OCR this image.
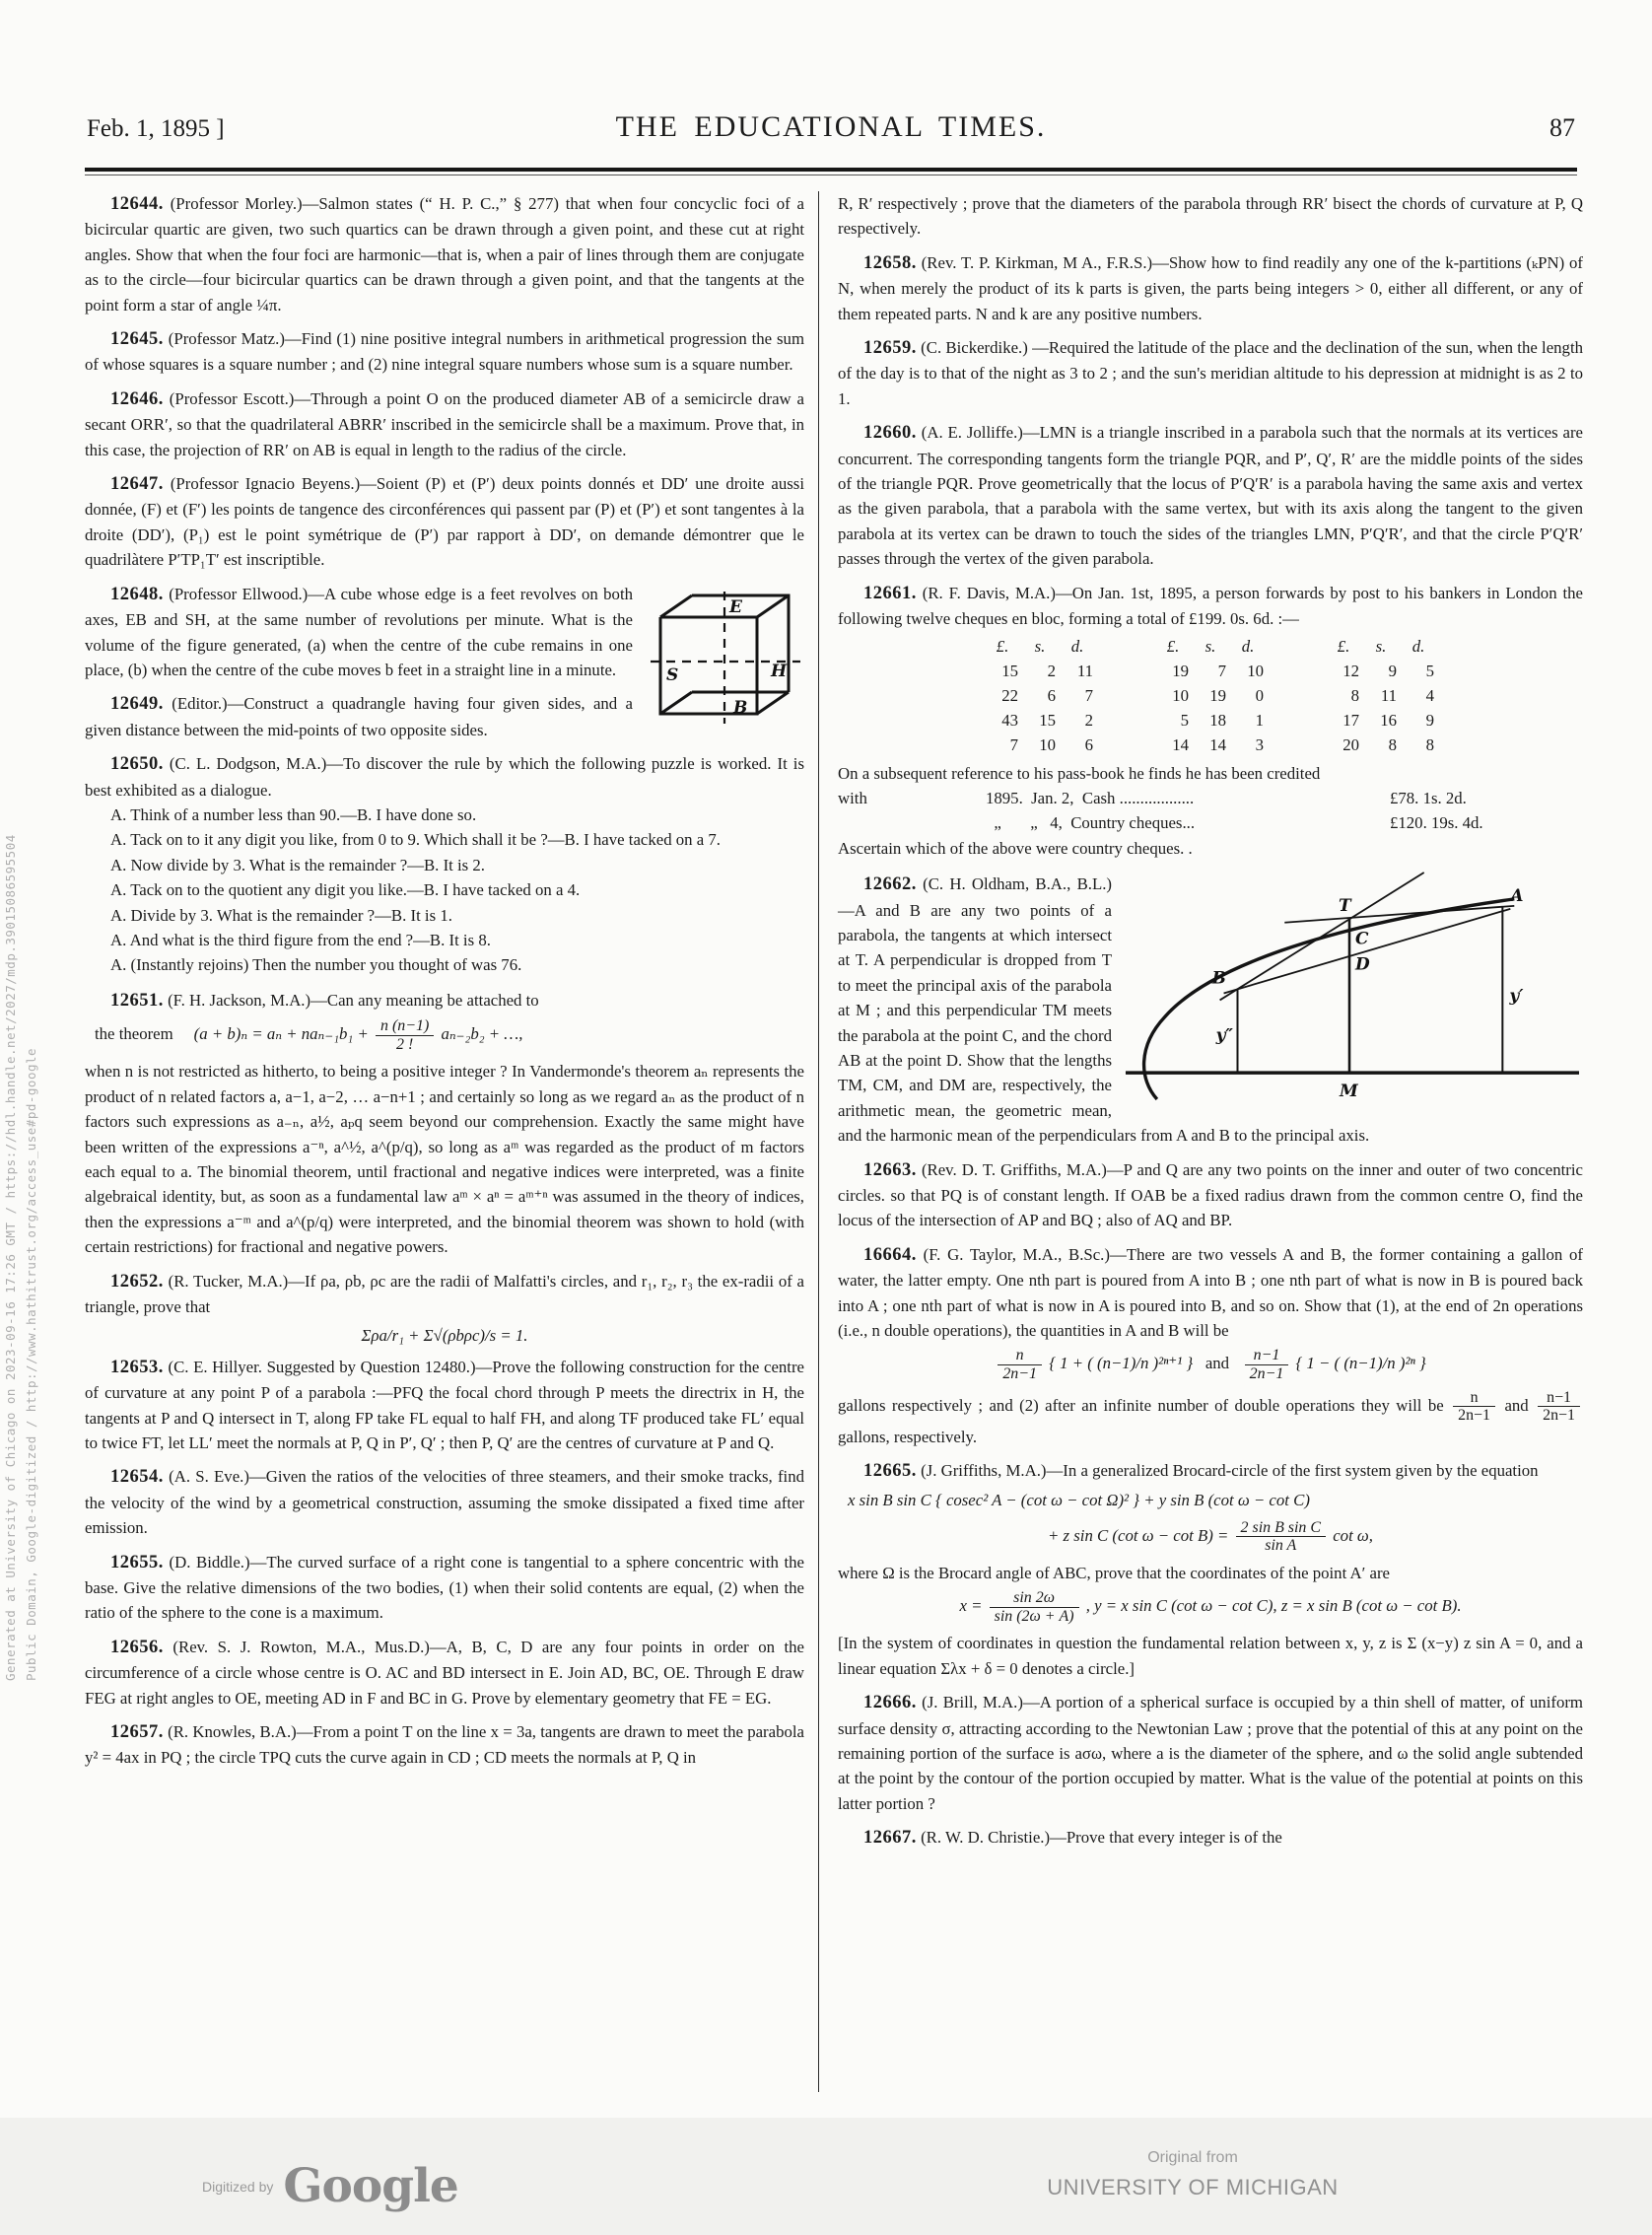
Generated at University of Chicago on 2023-09-16 17:26 GMT / https://hdl.handle.net/2027/mdp.39015086595504 Public Domain, Google-digitized / http://www.hathitrust.org/access_use#pd-google
Feb. 1, 1895 ]	THE EDUCATIONAL TIMES.	87

12644. (Professor Morley.)—Salmon states (“ H. P. C.,” § 277) that when four concyclic foci of a bicircular quartic are given, two such quartics can be drawn through a given point, and these cut at right angles. Show that when the four foci are harmonic—that is, when a pair of lines through them are conjugate as to the circle—four bicircular quartics can be drawn through a given point, and that the tangents at the point form a star of angle ¼π.

12645. (Professor Matz.)—Find (1) nine positive integral numbers in arithmetical progression the sum of whose squares is a square number ; and (2) nine integral square numbers whose sum is a square number.

12646. (Professor Escott.)—Through a point O on the produced diameter AB of a semicircle draw a secant ORR′, so that the quadrilateral ABRR′ inscribed in the semicircle shall be a maximum. Prove that, in this case, the projection of RR′ on AB is equal in length to the radius of the circle.

12647. (Professor Ignacio Beyens.)—Soient (P) et (P′) deux points donnés et DD′ une droite aussi donnée, (F) et (F′) les points de tangence des circonférences qui passent par (P) et (P′) et sont tangentes à la droite (DD′), (P₁) est le point symétrique de (P′) par rapport à DD′, on demande démontrer que le quadrilàtere P′TP₁T′ est inscriptible.

E
S	H
B

12648. (Professor Ellwood.)—A cube whose edge is a feet revolves on both axes, EB and SH, at the same number of revolutions per minute. What is the volume of the figure generated, (a) when the centre of the cube remains in one place, (b) when the centre of the cube moves b feet in a straight line in a minute.

12649. (Editor.)—Construct a quadrangle having four given sides, and a given distance between the mid-points of two opposite sides.

12650. (C. L. Dodgson, M.A.)—To discover the rule by which the following puzzle is worked. It is best exhibited as a dialogue.

A. Think of a number less than 90.—B. I have done so.

A. Tack on to it any digit you like, from 0 to 9. Which shall it be ?—B. I have tacked on a 7.

A. Now divide by 3. What is the remainder ?—B. It is 2.

A. Tack on to the quotient any digit you like.—B. I have tacked on a 4.

A. Divide by 3. What is the remainder ?—B. It is 1.

A. And what is the third figure from the end ?—B. It is 8.

A. (Instantly rejoins) Then the number you thought of was 76.

12651. (F. H. Jackson, M.A.)—Can any meaning be attached to

the theorem $(a + b)_n = a_n + na_{n-1}b_1 + \frac{n (n-1)}{2 !} a_{n-2}b_2$ + …,

when n is not restricted as hitherto, to being a positive integer ? In Vandermonde's theorem aₙ represents the product of n related factors a, a−1, a−2, … a−n+1 ; and certainly so long as we regard aₙ as the product of n factors such expressions as a₋ₙ, a½, aₚq seem beyond our comprehension. Exactly the same might have been written of the expressions a⁻ⁿ, a^½, a^(p/q), so long as aᵐ was regarded as the product of m factors each equal to a. The binomial theorem, until fractional and negative indices were interpreted, was a finite algebraical identity, but, as soon as a fundamental law aᵐ × aⁿ = aᵐ⁺ⁿ was assumed in the theory of indices, then the expressions a⁻ᵐ and a^(p/q) were interpreted, and the binomial theorem was shown to hold (with certain restrictions) for fractional and negative powers.

12652. (R. Tucker, M.A.)—If ρa, ρb, ρc are the radii of Malfatti's circles, and r₁, r₂, r₃ the ex-radii of a triangle, prove that

Σρa/r₁ + Σ√(ρbρc)/s = 1.

12653. (C. E. Hillyer. Suggested by Question 12480.)—Prove the following construction for the centre of curvature at any point P of a parabola :—PFQ the focal chord through P meets the directrix in H, the tangents at P and Q intersect in T, along FP take FL equal to half FH, and along TF produced take FL′ equal to twice FT, let LL′ meet the normals at P, Q in P′, Q′ ; then P, Q′ are the centres of curvature at P and Q.

12654. (A. S. Eve.)—Given the ratios of the velocities of three steamers, and their smoke tracks, find the velocity of the wind by a geometrical construction, assuming the smoke dissipated a fixed time after emission.

12655. (D. Biddle.)—The curved surface of a right cone is tangential to a sphere concentric with the base. Give the relative dimensions of the two bodies, (1) when their solid contents are equal, (2) when the ratio of the sphere to the cone is a maximum.

12656. (Rev. S. J. Rowton, M.A., Mus.D.)—A, B, C, D are any four points in order on the circumference of a circle whose centre is O. AC and BD intersect in E. Join AD, BC, OE. Through E draw FEG at right angles to OE, meeting AD in F and BC in G. Prove by elementary geometry that FE = EG.

12657. (R. Knowles, B.A.)—From a point T on the line x = 3a, tangents are drawn to meet the parabola y² = 4ax in PQ ; the circle TPQ cuts the curve again in CD ; CD meets the normals at P, Q in

R, R′ respectively ; prove that the diameters of the parabola through RR′ bisect the chords of curvature at P, Q respectively.

12658. (Rev. T. P. Kirkman, M A., F.R.S.)—Show how to find readily any one of the k-partitions (ₖPN) of N, when merely the product of its k parts is given, the parts being integers > 0, either all different, or any of them repeated parts. N and k are any positive numbers.

12659. (C. Bickerdike.) —Required the latitude of the place and the declination of the sun, when the length of the day is to that of the night as 3 to 2 ; and the sun's meridian altitude to his depression at midnight is as 2 to 1.

12660. (A. E. Jolliffe.)—LMN is a triangle inscribed in a parabola such that the normals at its vertices are concurrent. The corresponding tangents form the triangle PQR, and P′, Q′, R′ are the middle points of the sides of the triangle PQR. Prove geometrically that the locus of P′Q′R′ is a parabola having the same axis and vertex as the given parabola, that a parabola with the same vertex, but with its axis along the tangent to the given parabola at its vertex can be drawn to touch the sides of the triangles LMN, P′Q′R′, and that the circle P′Q′R′ passes through the vertex of the given parabola.

12661. (R. F. Davis, M.A.)—On Jan. 1st, 1895, a person forwards by post to his bankers in London the following twelve cheques en bloc, forming a total of £199. 0s. 6d. :—

£.	s.	d.	£.	s.	d.	£.	s.	d.
15	2	11	19	7	10	12	9	5
22	6	7	10	19	0	8	11	4
43	15	2	5	18	1	17	16	9
7	10	6	14	14	3	20	8	8

On a subsequent reference to his pass-book he finds he has been credited

with	1895.  Jan. 2,  Cash ..................	£78. 1s. 2d.
„       „   4,  Country cheques...	£120. 19s. 4d.

Ascertain which of the above were country cheques. .

B
T
C
D
A
y′
y″
M

12662. (C. H. Oldham, B.A., B.L.)—A and B are any two points of a parabola, the tangents at which intersect at T. A perpendicular is dropped from T to meet the principal axis of the parabola at M ; and this perpendicular TM meets the parabola at the point C, and the chord AB at the point D. Show that the lengths TM, CM, and DM are, respectively, the arithmetic mean, the geometric mean, and the harmonic mean of the perpendiculars from A and B to the principal axis.

12663. (Rev. D. T. Griffiths, M.A.)—P and Q are any two points on the inner and outer of two concentric circles. so that PQ is of constant length. If OAB be a fixed radius drawn from the common centre O, find the locus of the intersection of AP and BQ ; also of AQ and BP.

16664. (F. G. Taylor, M.A., B.Sc.)—There are two vessels A and B, the former containing a gallon of water, the latter empty. One nth part is poured from A into B ; one nth part of what is now in B is poured back into A ; one nth part of what is now in A is poured into B, and so on. Show that (1), at the end of 2n operations (i.e., n double operations), the quantities in A and B will be

$\frac{n}{2n-1}$ { 1 + ( (n−1)/n )²ⁿ⁺¹ } and $\frac{n-1}{2n-1}$ { 1 − ( (n−1)/n )²ⁿ }

gallons respectively ; and (2) after an infinite number of double operations they will be $\frac{n}{2n-1}$ and $\frac{n-1}{2n-1}$
gallons, respectively.

12665. (J. Griffiths, M.A.)—In a generalized Brocard-circle of the first system given by the equation

x sin B sin C { cosec² A − (cot ω − cot Ω)² } + y sin B (cot ω − cot C)
+ z sin C (cot $\omega - \cot B) = \frac{\text{2 sin B sin C}}{\text{sin A}}$ cot ω,

where Ω is the Brocard angle of ABC, prove that the coordinates of the point A′ are

$x = \frac{\sin 2\omega}{\sin (2\omega + A)}$ , y = x sin C (cot ω − cot C), z = x sin B (cot ω − cot B).

[In the system of coordinates in question the fundamental relation between x, y, z is Σ (x−y) z sin A = 0, and a linear equation Σλx + δ = 0 denotes a circle.]

12666. (J. Brill, M.A.)—A portion of a spherical surface is occupied by a thin shell of matter, of uniform surface density σ, attracting according to the Newtonian Law ; prove that the potential of this at any point on the remaining portion of the surface is aσω, where a is the diameter of the sphere, and ω the solid angle subtended at the point by the contour of the portion occupied by matter. What is the value of the potential at points on this latter portion ?

12667. (R. W. D. Christie.)—Prove that every integer is of the

Digitized by Google
Original from
UNIVERSITY OF MICHIGAN
